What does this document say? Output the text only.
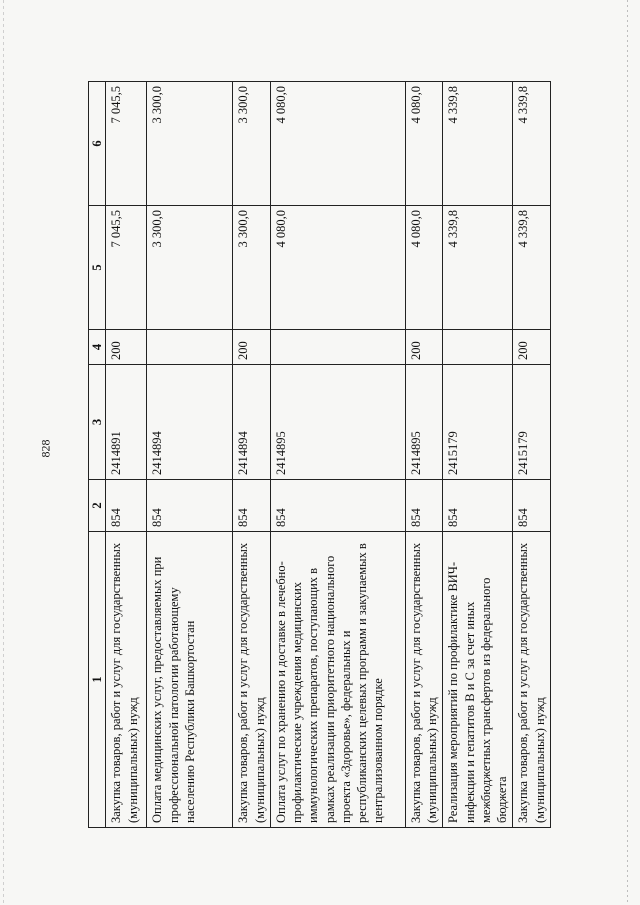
828
1	2	3	4	5	6
Закупка товаров, работ и услуг для государственных (муниципальных) нужд	854	2414891	200	7 045,5	7 045,5
Оплата медицинских услуг, предоставляемых при профессиональной патологии работающему населению Республики Башкортостан	854	2414894		3 300,0	3 300,0
Закупка товаров, работ и услуг для государственных (муниципальных) нужд	854	2414894	200	3 300,0	3 300,0
Оплата услуг по хранению и доставке в лечебно-профилактические учреждения медицинских иммунологических препаратов, поступающих в рамках реализации приоритетного национального проекта «Здоровье», федеральных и республиканских целевых программ и закупаемых в централизованном порядке	854	2414895		4 080,0	4 080,0
Закупка товаров, работ и услуг для государственных (муниципальных) нужд	854	2414895	200	4 080,0	4 080,0
Реализация мероприятий по профилактике ВИЧ-инфекции и гепатитов В и С за счет иных межбюджетных трансфертов из федерального бюджета	854	2415179		4 339,8	4 339,8
Закупка товаров, работ и услуг для государственных (муниципальных) нужд	854	2415179	200	4 339,8	4 339,8
